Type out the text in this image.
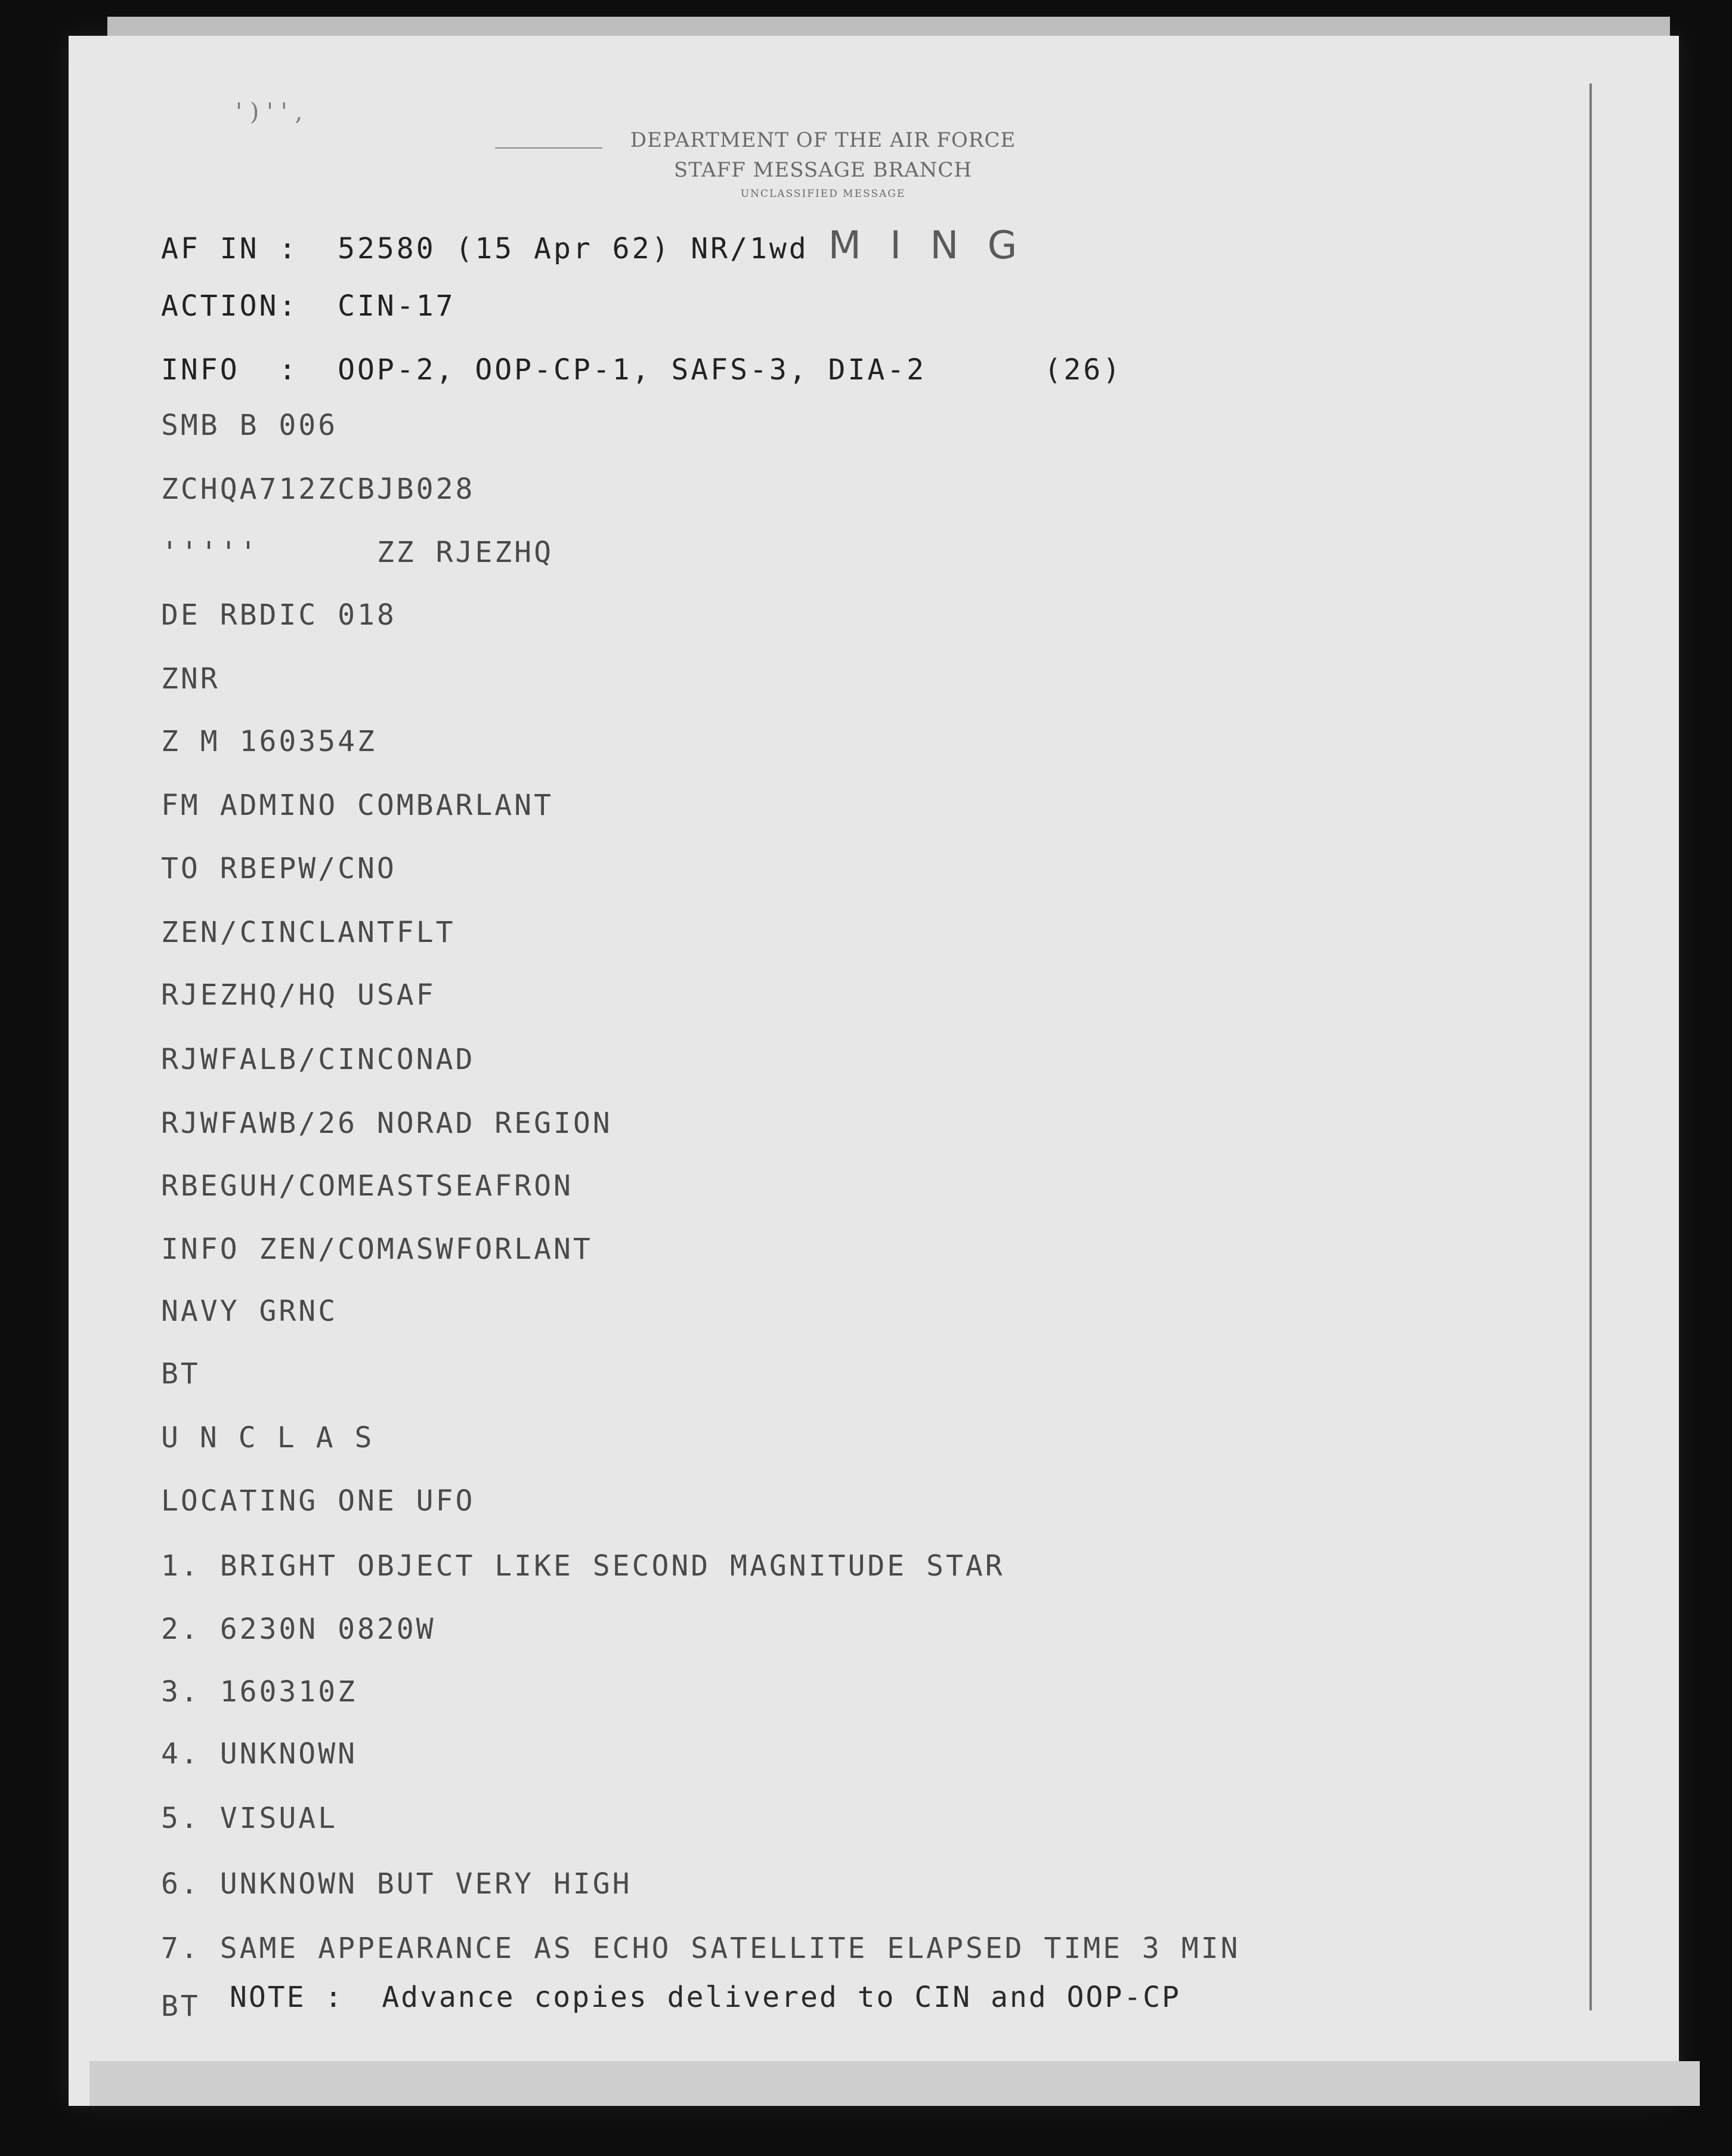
' ) ' ' ,
DEPARTMENT OF THE AIR FORCE
STAFF MESSAGE BRANCH
UNCLASSIFIED MESSAGE
AF IN : 52580 (15 Apr 62) NR/1wd M I N G
ACTION: CIN-17
INFO  : OOP-2, OOP-CP-1, SAFS-3, DIA-2	(26)
SMB B 006
ZCHQA712ZCBJB028
'''''      ZZ RJEZHQ
DE RBDIC 018
ZNR
Z M 160354Z
FM ADMINO COMBARLANT
TO RBEPW/CNO
ZEN/CINCLANTFLT
RJEZHQ/HQ USAF
RJWFALB/CINCONAD
RJWFAWB/26 NORAD REGION
RBEGUH/COMEASTSEAFRON
INFO ZEN/COMASWFORLANT
NAVY GRNC
BT
UNCLAS
LOCATING ONE UFO
1. BRIGHT OBJECT LIKE SECOND MAGNITUDE STAR
2. 6230N 0820W
3. 160310Z
4. UNKNOWN
5. VISUAL
6. UNKNOWN BUT VERY HIGH
7. SAME APPEARANCE AS ECHO SATELLITE ELAPSED TIME 3 MIN
BT NOTE :  Advance copies delivered to CIN and OOP-CP
